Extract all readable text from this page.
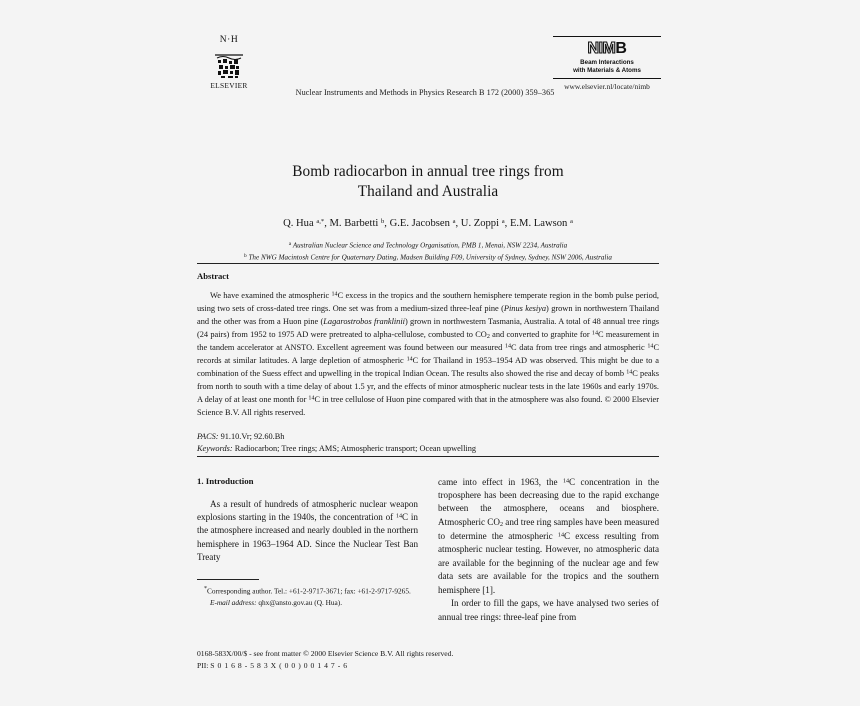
N·H
ELSEVIER
Nuclear Instruments and Methods in Physics Research B 172 (2000) 359–365
NIMB
Beam Interactions
with Materials & Atoms
www.elsevier.nl/locate/nimb
Bomb radiocarbon in annual tree rings from
Thailand and Australia
Q. Hua $^{a,*}$, M. Barbetti $^b$, G.E. Jacobsen $^a$, U. Zoppi $^a$, E.M. Lawson $^a$
$^a$ Australian Nuclear Science and Technology Organisation, PMB 1, Menai, NSW 2234, Australia
$^b$ The NWG Macintosh Centre for Quaternary Dating, Madsen Building F09, University of Sydney, Sydney, NSW 2006, Australia
Abstract
We have examined the atmospheric $^{14}$C excess in the tropics and the southern hemisphere temperate region in the bomb pulse period, using two sets of cross-dated tree rings. One set was from a medium-sized three-leaf pine (Pinus kesiya) grown in northwestern Thailand and the other was from a Huon pine (Lagarostrobos franklinii) grown in northwestern Tasmania, Australia. A total of 48 annual tree rings (24 pairs) from 1952 to 1975 AD were pretreated to alpha-cellulose, combusted to $CO_2$ and converted to graphite for $^{14}$C measurement in the tandem accelerator at ANSTO. Excellent agreement was found between our measured $^{14}$C data from tree rings and atmospheric $^{14}$C records at similar latitudes. A large depletion of atmospheric $^{14}$C for Thailand in 1953–1954 AD was observed. This might be due to a combination of the Suess effect and upwelling in the tropical Indian Ocean. The results also showed the rise and decay of bomb $^{14}$C peaks from north to south with a time delay of about 1.5 yr, and the effects of minor atmospheric nuclear tests in the late 1960s and early 1970s. A delay of at least one month for $^{14}$C in tree cellulose of Huon pine compared with that in the atmosphere was also found. © 2000 Elsevier Science B.V. All rights reserved.
PACS: 91.10.Vr; 92.60.Bh
Keywords: Radiocarbon; Tree rings; AMS; Atmospheric transport; Ocean upwelling
1. Introduction

As a result of hundreds of atmospheric nuclear weapon explosions starting in the 1940s, the concentration of $^{14}$C in the atmosphere increased and nearly doubled in the northern hemisphere in 1963–1964 AD. Since the Nuclear Test Ban Treaty

*Corresponding author. Tel.: +61-2-9717-3671; fax: +61-2-9717-9265.
E-mail address: qhx@ansto.gov.au (Q. Hua).

came into effect in 1963, the $^{14}$C concentration in the troposphere has been decreasing due to the rapid exchange between the atmosphere, oceans and biosphere. Atmospheric $CO_2$ and tree ring samples have been measured to determine the atmospheric $^{14}$C excess resulting from atmospheric nuclear testing. However, no atmospheric data are available for the beginning of the nuclear age and few data sets are available for the tropics and the southern hemisphere [1].

In order to fill the gaps, we have analysed two series of annual tree rings: three-leaf pine from

0168-583X/00/$ - see front matter © 2000 Elsevier Science B.V. All rights reserved.
PII: S 0 1 6 8 - 5 8 3 X ( 0 0 ) 0 0 1 4 7 - 6
